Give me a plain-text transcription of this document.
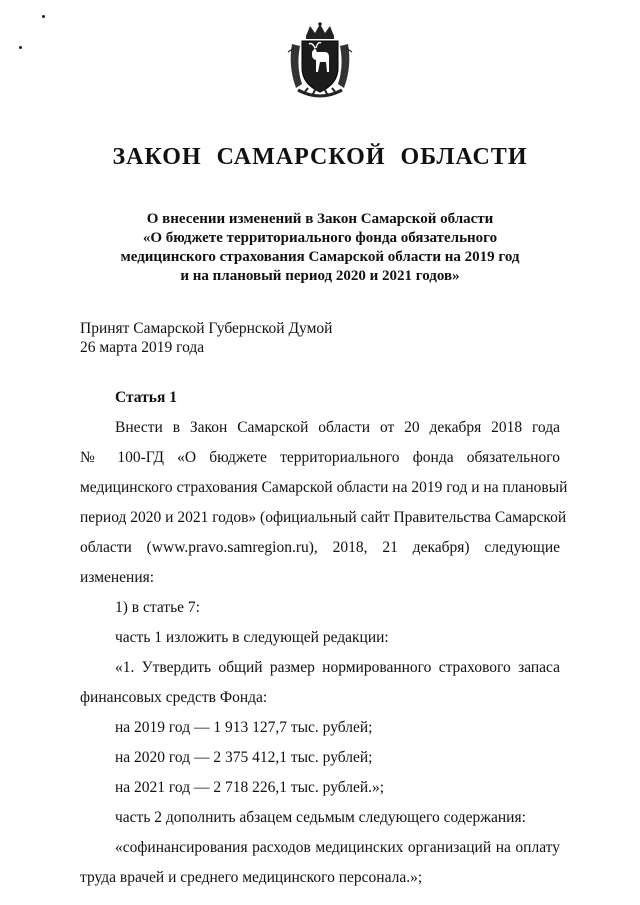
ЗАКОН САМАРСКОЙ ОБЛАСТИ
О внесении изменений в Закон Самарской области
«О бюджете территориального фонда обязательного
медицинского страхования Самарской области на 2019 год
и на плановый период 2020 и 2021 годов»
Принят Самарской Губернской Думой
26 марта 2019 года
Статья 1
Внести в Закон Самарской области от 20 декабря 2018 года
№ 100-ГД «О бюджете территориального фонда обязательного
медицинского страхования Самарской области на 2019 год и на плановый
период 2020 и 2021 годов» (официальный сайт Правительства Самарской
области (www.pravo.samregion.ru), 2018, 21 декабря) следующие
изменения:
1) в статье 7:
часть 1 изложить в следующей редакции:
«1. Утвердить общий размер нормированного страхового запаса
финансовых средств Фонда:
на 2019 год — 1 913 127,7 тыс. рублей;
на 2020 год — 2 375 412,1 тыс. рублей;
на 2021 год — 2 718 226,1 тыс. рублей.»;
часть 2 дополнить абзацем седьмым следующего содержания:
«софинансирования расходов медицинских организаций на оплату
труда врачей и среднего медицинского персонала.»;
